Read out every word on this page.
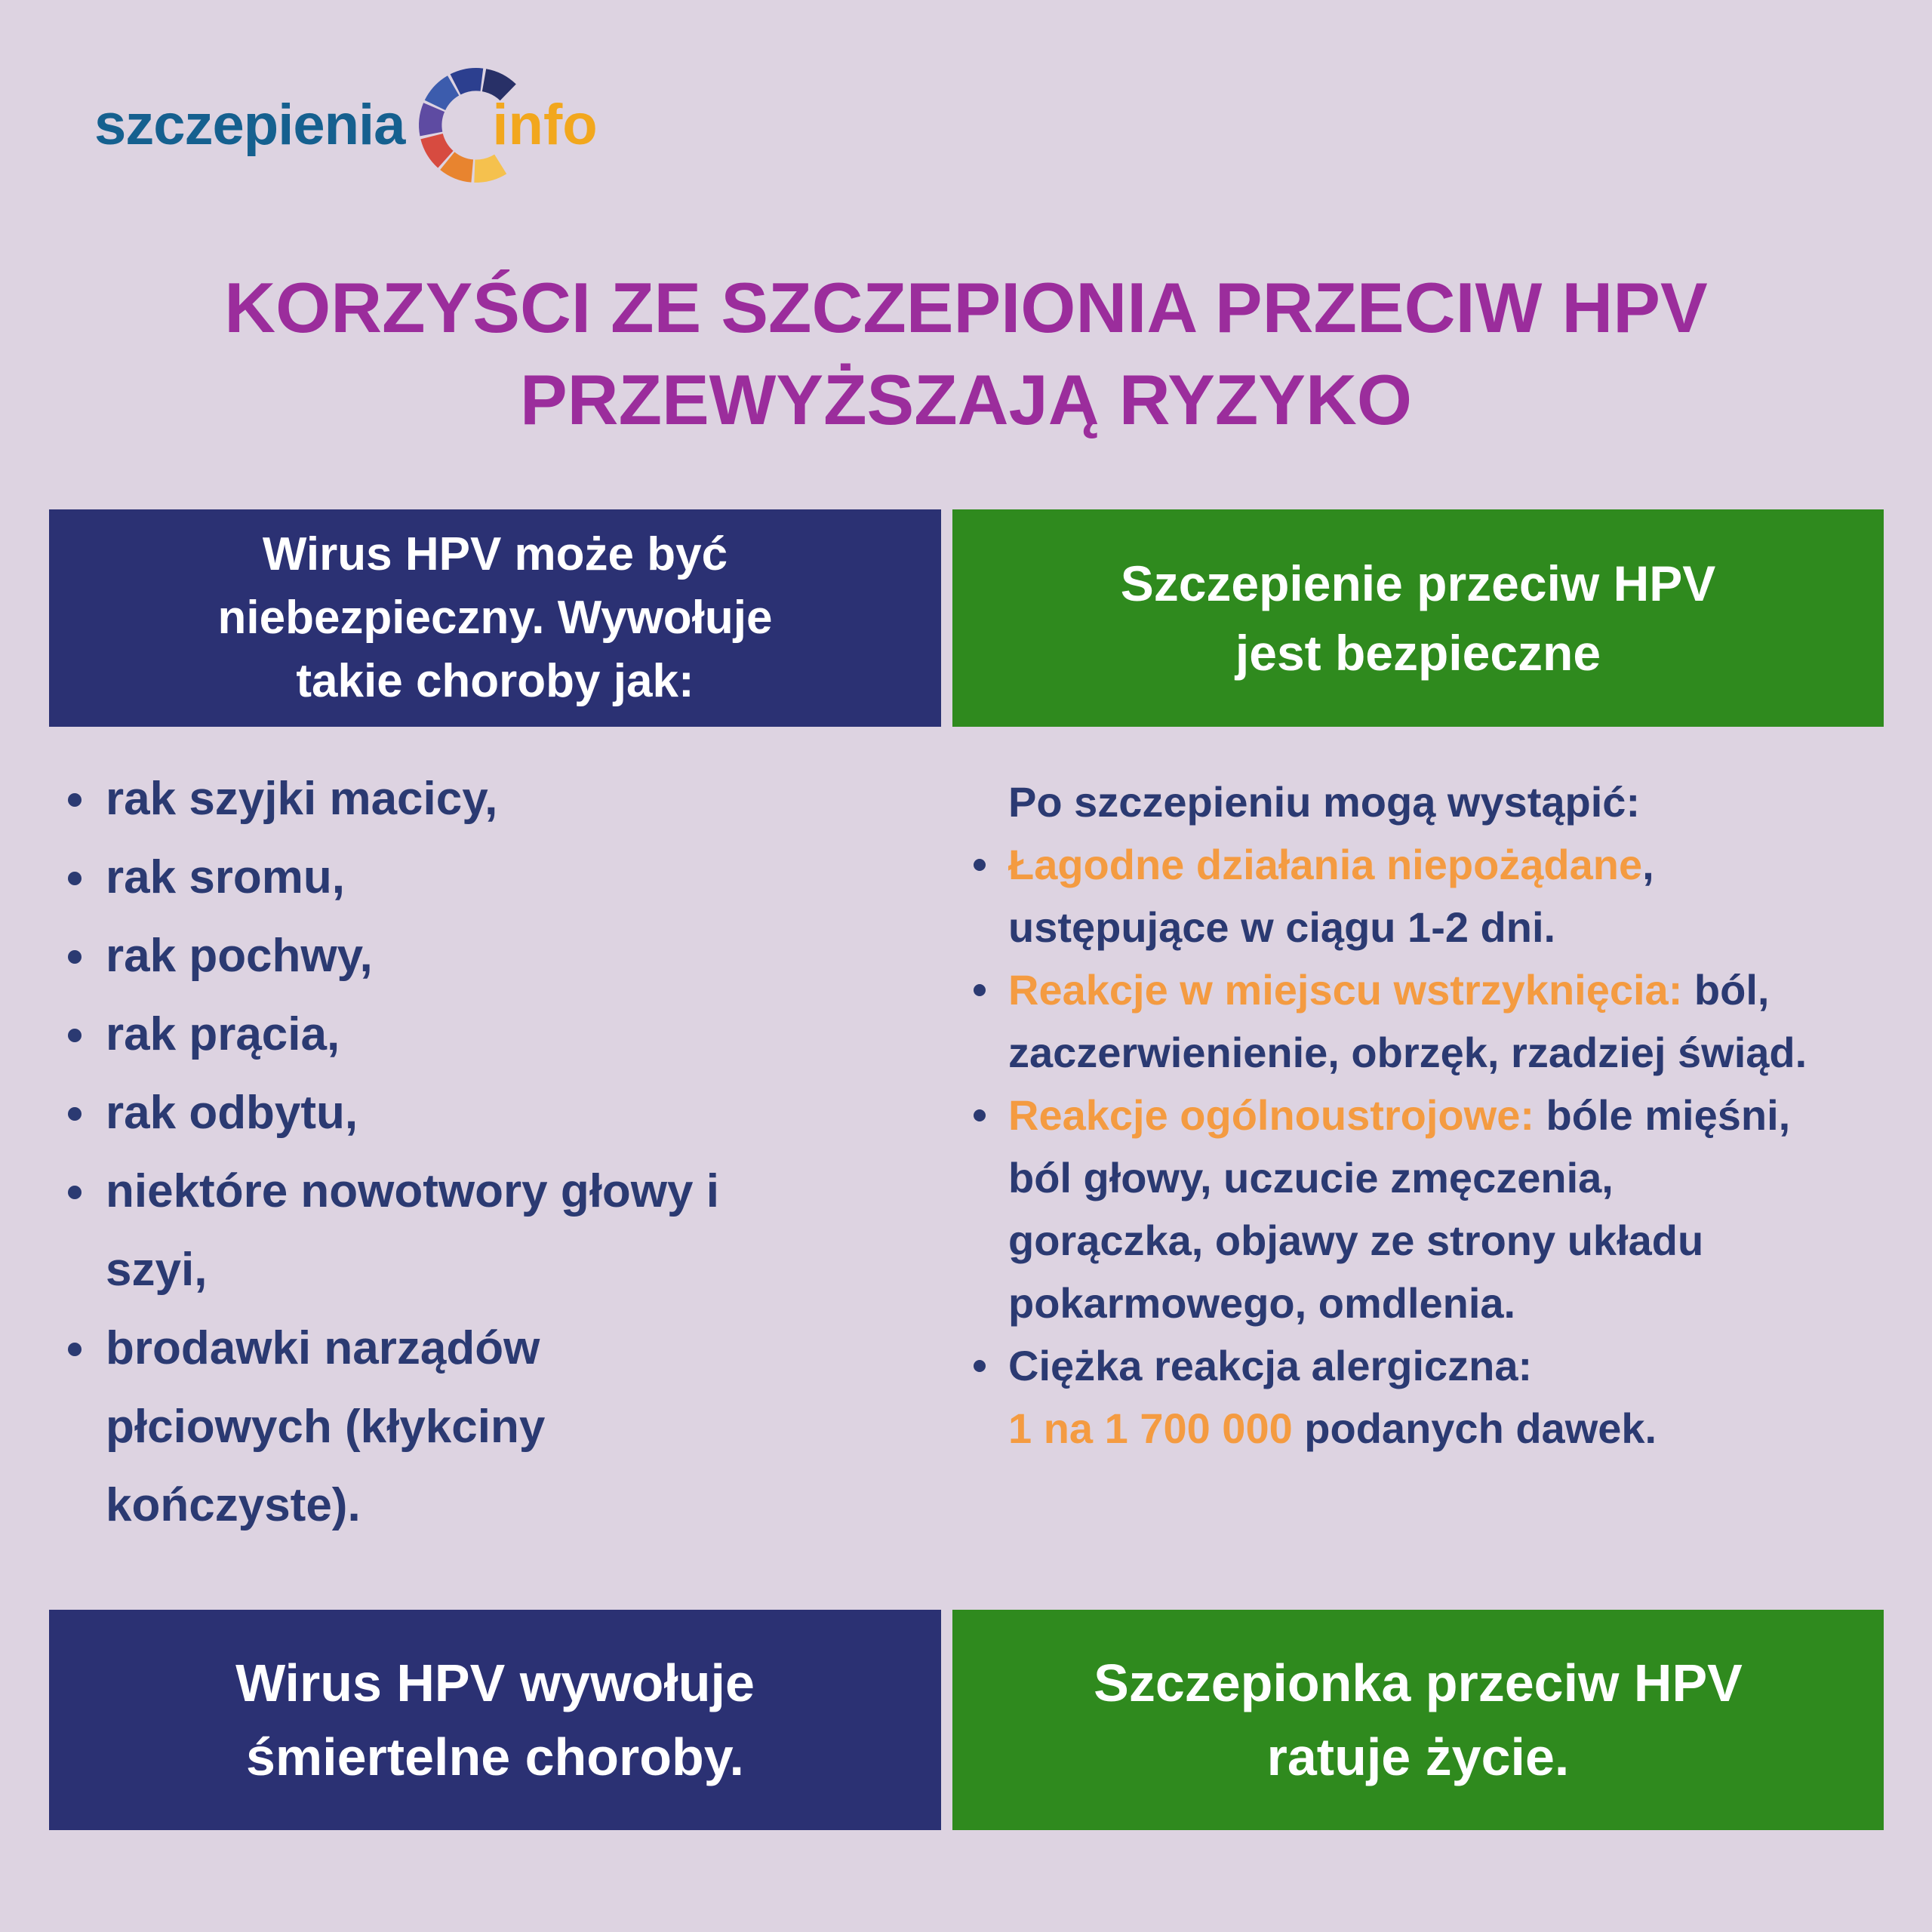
szczepienia info
KORZYŚCI ZE SZCZEPIONIA PRZECIW HPV
PRZEWYŻSZAJĄ RYZYKO

Wirus HPV może być niebezpieczny. Wywołuje takie choroby jak:

rak szyjki macicy,
rak sromu,
rak pochwy,
rak prącia,
rak odbytu,
niektóre nowotwory głowy i szyi,
brodawki narządów płciowych (kłykciny kończyste).

Wirus HPV wywołuje śmiertelne choroby.

Szczepienie przeciw HPV jest bezpieczne

Po szczepieniu mogą wystąpić:

Łagodne działania niepożądane, ustępujące w ciągu 1-2 dni.
Reakcje w miejscu wstrzyknięcia: ból, zaczerwienienie, obrzęk, rzadziej świąd.
Reakcje ogólnoustrojowe: bóle mięśni, ból głowy, uczucie zmęczenia, gorączka, objawy ze strony układu pokarmowego, omdlenia.
Ciężka reakcja alergiczna:
1 na 1 700 000 podanych dawek.

Szczepionka przeciw HPV ratuje życie.
